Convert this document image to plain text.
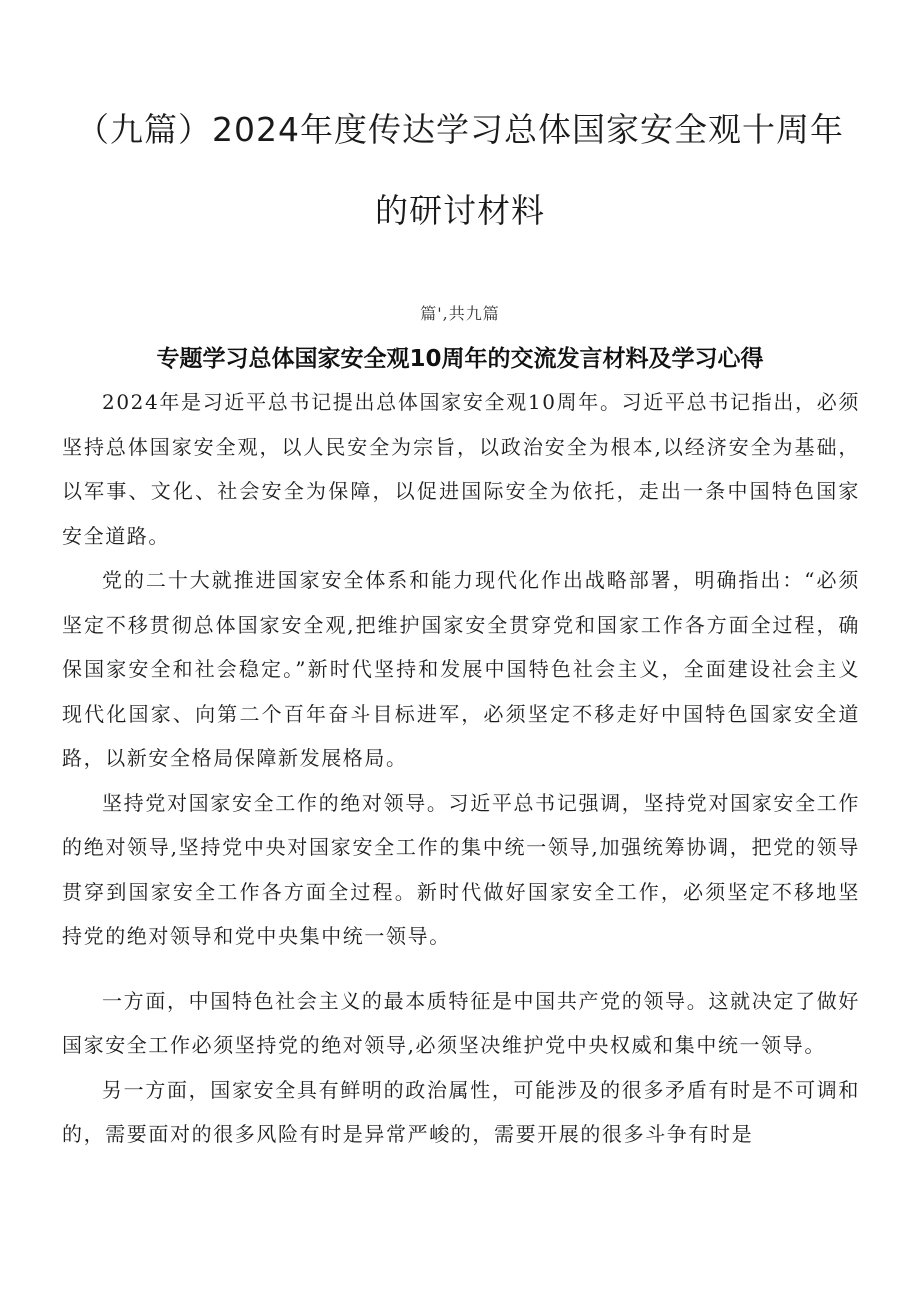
（九篇）2024年度传达学习总体国家安全观十周年
的研讨材料
篇',共九篇
专题学习总体国家安全观10周年的交流发言材料及学习心得

2024年是习近平总书记提出总体国家安全观10周年。习近平总书记指出，必须坚持总体国家安全观，以人民安全为宗旨，以政治安全为根本,以经济安全为基础，以军事、文化、社会安全为保障，以促进国际安全为依托，走出一条中国特色国家安全道路。

党的二十大就推进国家安全体系和能力现代化作出战略部署，明确指出：“必须坚定不移贯彻总体国家安全观,把维护国家安全贯穿党和国家工作各方面全过程，确保国家安全和社会稳定。”新时代坚持和发展中国特色社会主义，全面建设社会主义现代化国家、向第二个百年奋斗目标进军，必须坚定不移走好中国特色国家安全道路，以新安全格局保障新发展格局。

坚持党对国家安全工作的绝对领导。习近平总书记强调，坚持党对国家安全工作的绝对领导,坚持党中央对国家安全工作的集中统一领导,加强统筹协调，把党的领导贯穿到国家安全工作各方面全过程。新时代做好国家安全工作，必须坚定不移地坚持党的绝对领导和党中央集中统一领导。

一方面，中国特色社会主义的最本质特征是中国共产党的领导。这就决定了做好国家安全工作必须坚持党的绝对领导,必须坚决维护党中央权威和集中统一领导。

另一方面，国家安全具有鲜明的政治属性，可能涉及的很多矛盾有时是不可调和的，需要面对的很多风险有时是异常严峻的，需要开展的很多斗争有时是
